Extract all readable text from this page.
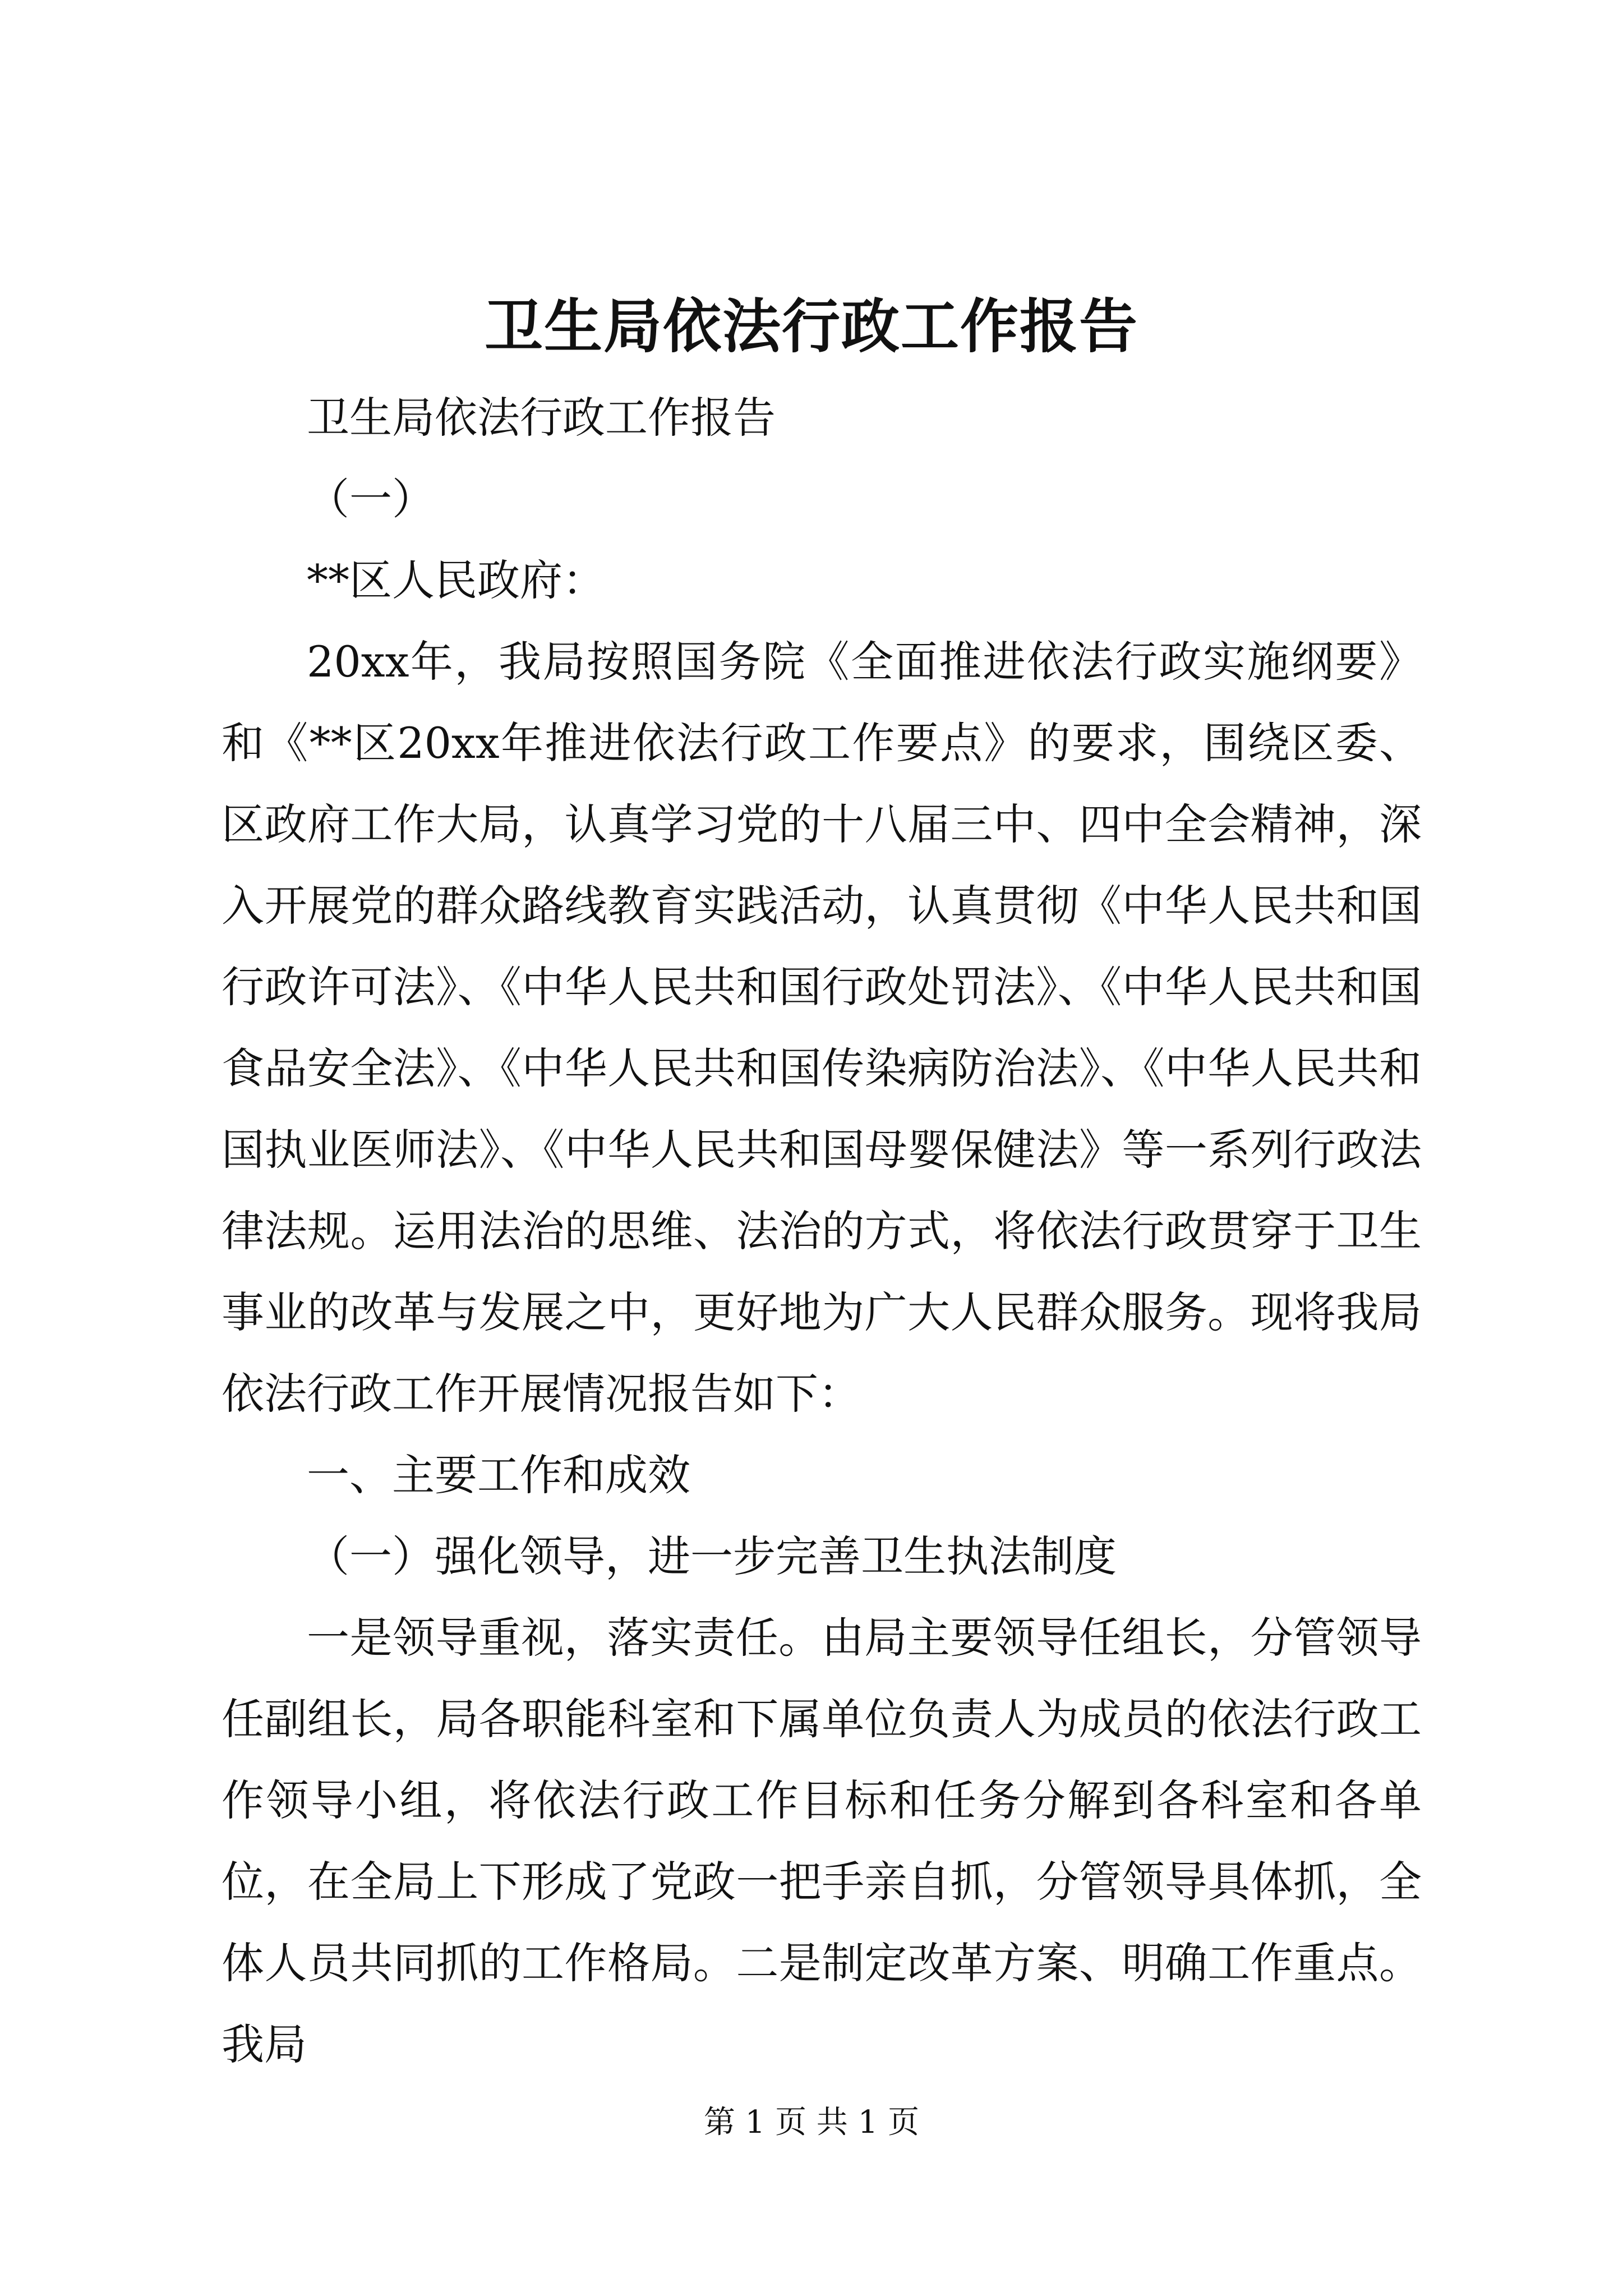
卫生局依法行政工作报告

卫生局依法行政工作报告

（一）

**区人民政府：

20xx年，我局按照国务院《全面推进依法行政实施纲要》和《**区20xx年推进依法行政工作要点》的要求，围绕区委、区政府工作大局，认真学习党的十八届三中、四中全会精神，深入开展党的群众路线教育实践活动，认真贯彻《中华人民共和国行政许可法》、《中华人民共和国行政处罚法》、《中华人民共和国食品安全法》、《中华人民共和国传染病防治法》、《中华人民共和国执业医师法》、《中华人民共和国母婴保健法》等一系列行政法律法规。运用法治的思维、法治的方式，将依法行政贯穿于卫生事业的改革与发展之中，更好地为广大人民群众服务。现将我局依法行政工作开展情况报告如下：

一、主要工作和成效

（一）强化领导，进一步完善卫生执法制度

一是领导重视，落实责任。由局主要领导任组长，分管领导任副组长，局各职能科室和下属单位负责人为成员的依法行政工作领导小组，将依法行政工作目标和任务分解到各科室和各单位，在全局上下形成了党政一把手亲自抓，分管领导具体抓，全体人员共同抓的工作格局。二是制定改革方案、明确工作重点。我局

第 1 页 共 1 页
